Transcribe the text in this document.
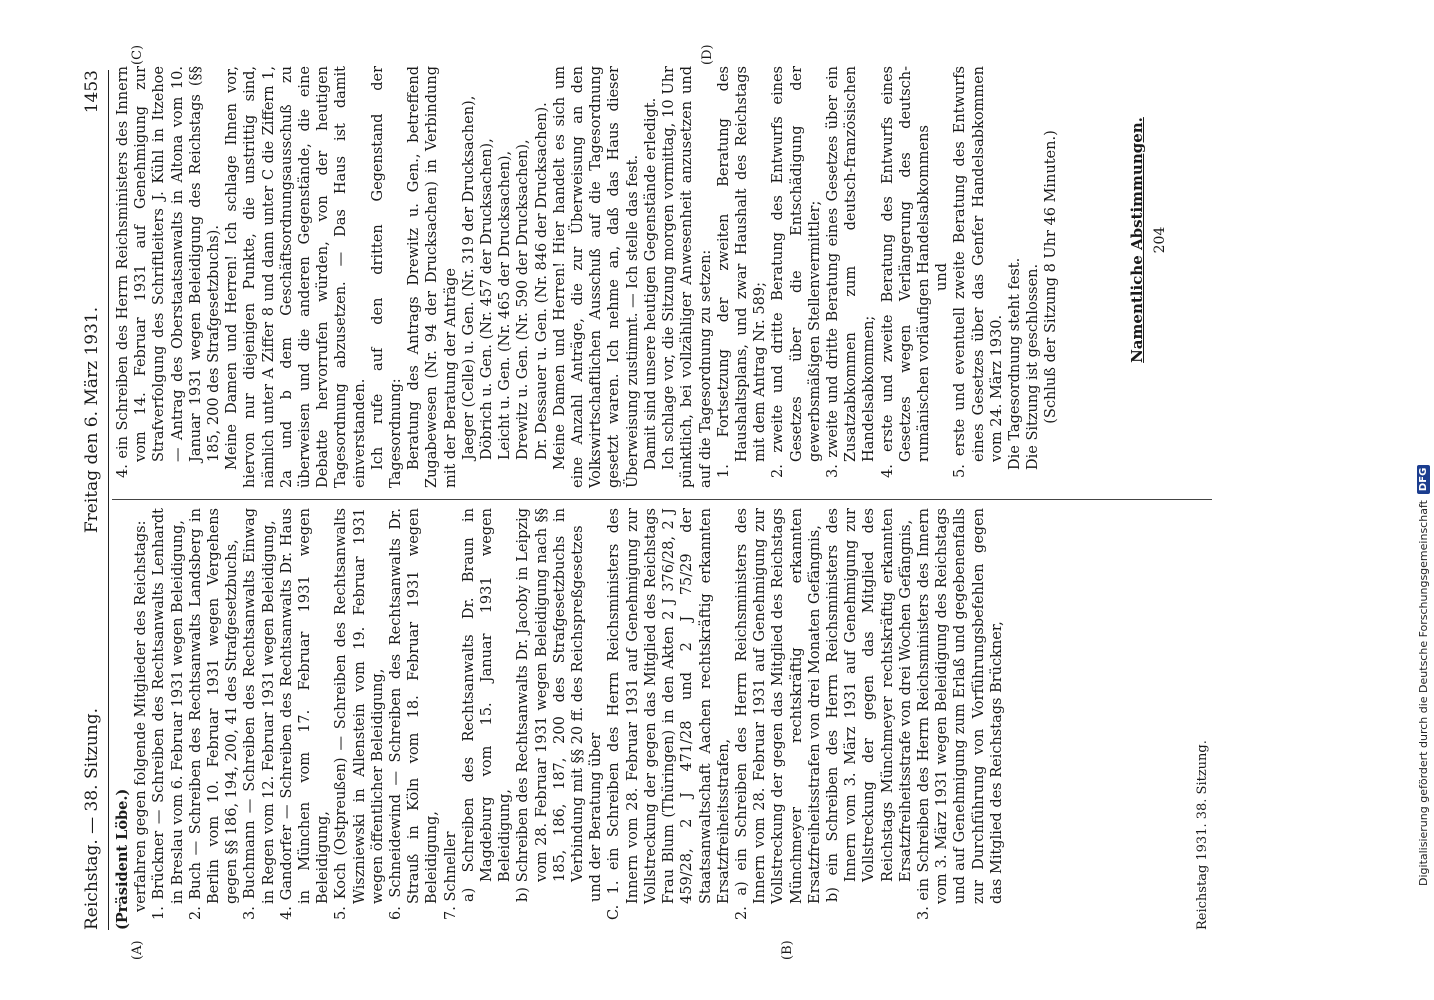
Reichstag. — 38. Sitzung.
Freitag den 6. März 1931.
1453
(A)	(B)
(C)	(D)

(Präsident Löbe.) verfahren gegen folgende Mitglieder des Reichstags: 1. Brückner — Schreiben des Rechtsanwalts Lenhardt in Breslau vom 6. Februar 1931 wegen Beleidigung, 2. Buch — Schreiben des Rechtsanwalts Landsberg in Berlin vom 10. Februar 1931 wegen Vergehens gegen §§ 186, 194, 200, 41 des Strafgesetzbuchs, 3. Buchmann — Schreiben des Rechtsanwalts Einwag in Regen vom 12. Februar 1931 wegen Beleidigung, 4. Gandorfer — Schreiben des Rechtsanwalts Dr. Haus in München vom 17. Februar 1931 wegen Beleidigung, 5. Koch (Ostpreußen) — Schreiben des Rechtsanwalts Wiszniewski in Allenstein vom 19. Februar 1931 wegen öffentlicher Beleidigung, 6. Schneidewind — Schreiben des Rechtsanwalts Dr. Strauß in Köln vom 18. Februar 1931 wegen Beleidigung, 7. Schneller a) Schreiben des Rechtsanwalts Dr. Braun in Magdeburg vom 15. Januar 1931 wegen Beleidigung, b) Schreiben des Rechtsanwalts Dr. Jacoby in Leipzig vom 28. Februar 1931 wegen Beleidigung nach §§ 185, 186, 187, 200 des Strafgesetzbuchs in Verbindung mit §§ 20 ff. des Reichspreßgesetzes und der Beratung über C. 1. ein Schreiben des Herrn Reichsministers des Innern vom 28. Februar 1931 auf Genehmigung zur Vollstreckung der gegen das Mitglied des Reichstags Frau Blum (Thüringen) in den Akten 2 J 376/28, 2 J 459/28, 2 J 471/28 und 2 J 75/29 der Staatsanwaltschaft Aachen rechtskräftig erkannten Ersatzfreiheitsstrafen, 2. a) ein Schreiben des Herrn Reichsministers des Innern vom 28. Februar 1931 auf Genehmigung zur Vollstreckung der gegen das Mitglied des Reichstags Münchmeyer rechtskräftig erkannten Ersatzfreiheitsstrafen von drei Monaten Gefängnis, b) ein Schreiben des Herrn Reichsministers des Innern vom 3. März 1931 auf Genehmigung zur Vollstreckung der gegen das Mitglied des Reichstags Münchmeyer rechtskräftig erkannten Ersatzfreiheitsstrafe von drei Wochen Gefängnis, 3. ein Schreiben des Herrn Reichsministers des Innern vom 3. März 1931 wegen Beleidigung des Reichstags und auf Genehmigung zum Erlaß und gegebenenfalls zur Durchführung von Vorführungsbefehlen gegen das Mitglied des Reichstags Brückner,

4. ein Schreiben des Herrn Reichsministers des Innern vom 14. Februar 1931 auf Genehmigung zur Strafverfolgung des Schriftleiters J. Kühl in Itzehoe — Antrag des Oberstaatsanwalts in Altona vom 10. Januar 1931 wegen Beleidigung des Reichstags (§§ 185, 200 des Strafgesetzbuchs). Meine Damen und Herren! Ich schlage Ihnen vor, hiervon nur diejenigen Punkte, die unstrittig sind, nämlich unter A Ziffer 8 und dann unter C die Ziffern 1, 2a und b dem Geschäftsordnungsausschuß zu überweisen und die anderen Gegenstände, die eine Debatte hervorrufen würden, von der heutigen Tagesordnung abzusetzen. — Das Haus ist damit einverstanden. Ich rufe auf den dritten Gegenstand der Tagesordnung: Beratung des Antrags Drewitz u. Gen., betreffend Zugabewesen (Nr. 94 der Drucksachen) in Verbindung mit der Beratung der Anträge Jaeger (Celle) u. Gen. (Nr. 319 der Drucksachen), Döbrich u. Gen. (Nr. 457 der Drucksachen), Leicht u. Gen. (Nr. 465 der Drucksachen), Drewitz u. Gen. (Nr. 590 der Drucksachen), Dr. Dessauer u. Gen. (Nr. 846 der Drucksachen). Meine Damen und Herren! Hier handelt es sich um eine Anzahl Anträge, die zur Überweisung an den Volkswirtschaftlichen Ausschuß auf die Tagesordnung gesetzt waren. Ich nehme an, daß das Haus dieser Überweisung zustimmt. — Ich stelle das fest. Damit sind unsere heutigen Gegenstände erledigt. Ich schlage vor, die Sitzung morgen vormittag, 10 Uhr pünktlich, bei vollzähliger Anwesenheit anzusetzen und auf die Tagesordnung zu setzen: 1. Fortsetzung der zweiten Beratung des Haushaltsplans, und zwar Haushalt des Reichstags mit dem Antrag Nr. 589; 2. zweite und dritte Beratung des Entwurfs eines Gesetzes über die Entschädigung der gewerbsmäßigen Stellenvermittler; 3. zweite und dritte Beratung eines Gesetzes über ein Zusatzabkommen zum deutsch-französischen Handelsabkommen; 4. erste und zweite Beratung des Entwurfs eines Gesetzes wegen Verlängerung des deutsch-rumänischen vorläufigen Handelsabkommens und 5. erste und eventuell zweite Beratung des Entwurfs eines Gesetzes über das Genfer Handelsabkommen vom 24. März 1930. Die Tagesordnung steht fest. Die Sitzung ist geschlossen. (Schluß der Sitzung 8 Uhr 46 Minuten.)

Reichstag 1931. 38. Sitzung.
Namentliche Abstimmungen. 204
Digitalisierung gefördert durch die Deutsche Forschungsgemeinschaft
DFG
